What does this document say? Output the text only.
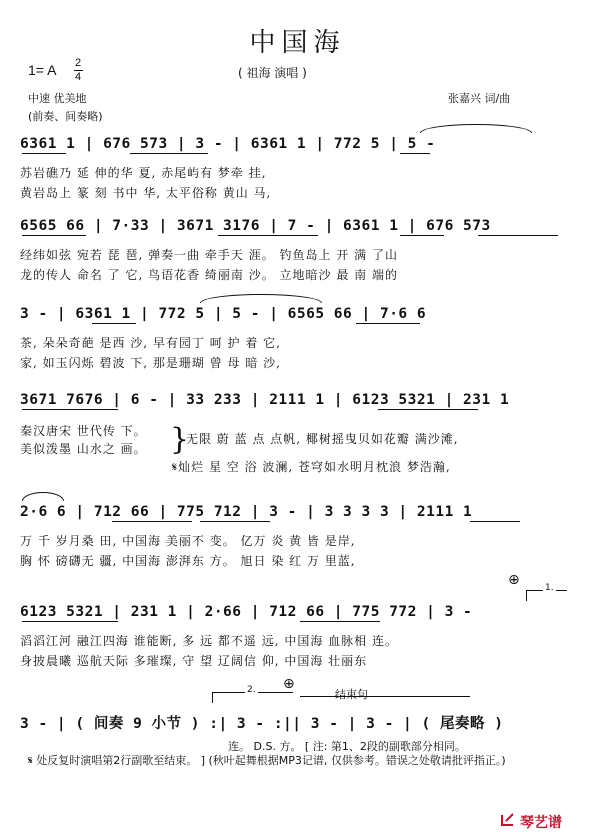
中国海
1= A 2
4	( 祖海 演唱 )
中速 优美地
(前奏、间奏略)
张嘉兴 词/曲
6361 1 | 676 573 | 3 - | 6361 1 | 772 5 | 5 -
苏岩礁乃 延 伸的华 夏, 赤尾屿有 梦牵 挂,
黄岩岛上 篆 刻 书中 华, 太平俗称 黄山 马,
6565 66 | 7·33 | 3671 3176 | 7 - | 6361 1 | 676 573
经纬如弦 宛若 琵 琶, 弹奏一曲 牵手天 涯。 钓鱼岛上 开 满 了山
龙的传人 命名 了 它, 鸟语花香 绮丽南 沙。 立地暗沙 最 南 端的
3 - | 6361 1 | 772 5 | 5 - | 6565 66 | 7·6 6
茶, 朵朵奇葩 是西 沙, 早有园丁 呵 护 着 它,
家, 如玉闪烁 碧波 下, 那是珊瑚 曾 母 暗 沙,
3671 7676 | 6 - | 33 233 | 2111 1 | 6123 5321 | 231 1
秦汉唐宋 世代传 下。
美似泼墨 山水之 画。 }
无限 蔚 蓝 点 点帆, 椰树摇曳贝如花瓣 满沙滩,
𝄋灿烂 星 空 浴 波澜, 苍穹如水明月枕浪 梦浩瀚,
2·6 6 | 712 66 | 775 712 | 3 - | 3 3 3 3 | 2111 1
万 千 岁月桑 田, 中国海 美丽不 变。 亿万 炎 黄 皆 是岸,
胸 怀 磅礴无 疆, 中国海 澎湃东 方。 旭日 染 红 万 里蓝,
⊕	1.
6123 5321 | 231 1 | 2·66 | 712 66 | 775 772 | 3 -
滔滔江河 融江四海 谁能断, 多 远 都不遥 远, 中国海 血脉相 连。
身披晨曦 巡航天际 多璀璨, 守 望 辽阔信 仰, 中国海 壮丽东
2. ⊕
结束句
3 - | ( 间奏 9 小节 ) :| 3 - :|| 3 - | 3 - | ( 尾奏略 )
连。 D.S. 方。 [ 注: 第1、2段的副歌部分相同。
𝄋 处反复时演唱第2行副歌至结束。 ] (秋叶起舞根据MP3记谱, 仅供参考。错误之处敬请批评指正。)
琴艺谱
